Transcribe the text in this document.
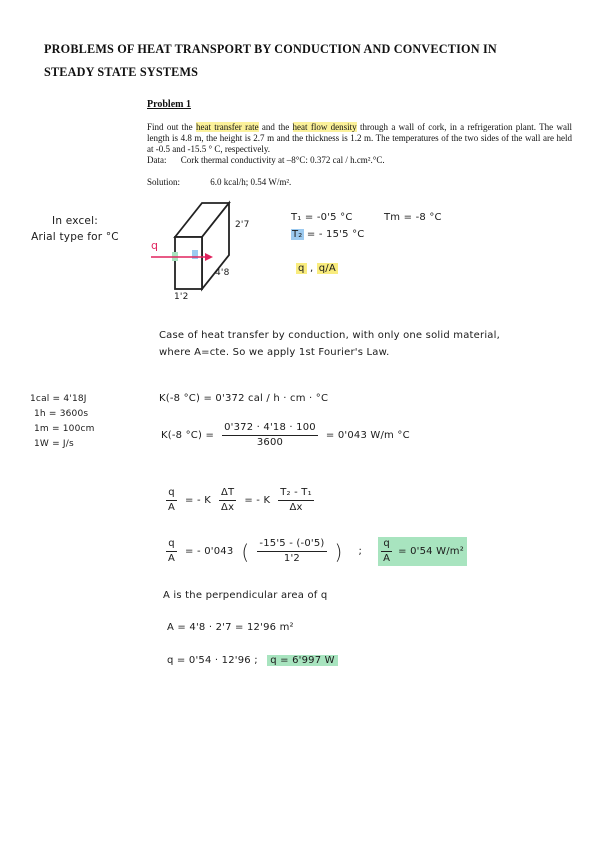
PROBLEMS OF HEAT TRANSPORT BY CONDUCTION AND CONVECTION IN
STEADY STATE SYSTEMS
Problem 1
Find out the heat transfer rate and the heat flow density through a wall of cork, in a refrigeration plant. The wall length is 4.8 m, the height is 2.7 m and the thickness is 1.2 m. The temperatures of the two sides of the wall are held at -0.5 and -15.5 ° C, respectively.
Data: Cork thermal conductivity at –8°C: 0.372 cal / h.cm².°C.
Solution:	6.0 kcal/h; 0.54 W/m².
In excel:
Arial type for °C
q
2'7
4'8
1'2
T₁ = -0'5 °C
T₂ = - 15'5 °C
Tm = -8 °C
q , q/A
Case of heat transfer by conduction, with only one solid material,
where A=cte. So we apply 1st Fourier's Law.
1cal = 4'18J
1h = 3600s
1m = 100cm
1W = J/s
K(-8 °C) = 0'372 cal / h · cm · °C
K(-8 $^\circ C) = \frac{0'372 \cdot 4'18 \cdot 100}{3600} = 0'043$ W/m °C
$\frac{q}{A}$ = - K $\frac{\Delta T}{\Delta x}$ = - K $\frac{\text{T₂ - T₁}}{\Delta x}$
$\frac{q}{A}$ = - 0'043 ( $\frac{-15'5 - (-0'5)}{1'2}$ ) ; $\frac{q}{A} = 0'54$ W/m²
A is the perpendicular area of q
A = 4'8 · 2'7 = 12'96 m²
q = 0'54 · 12'96 ; q = 6'997 W
